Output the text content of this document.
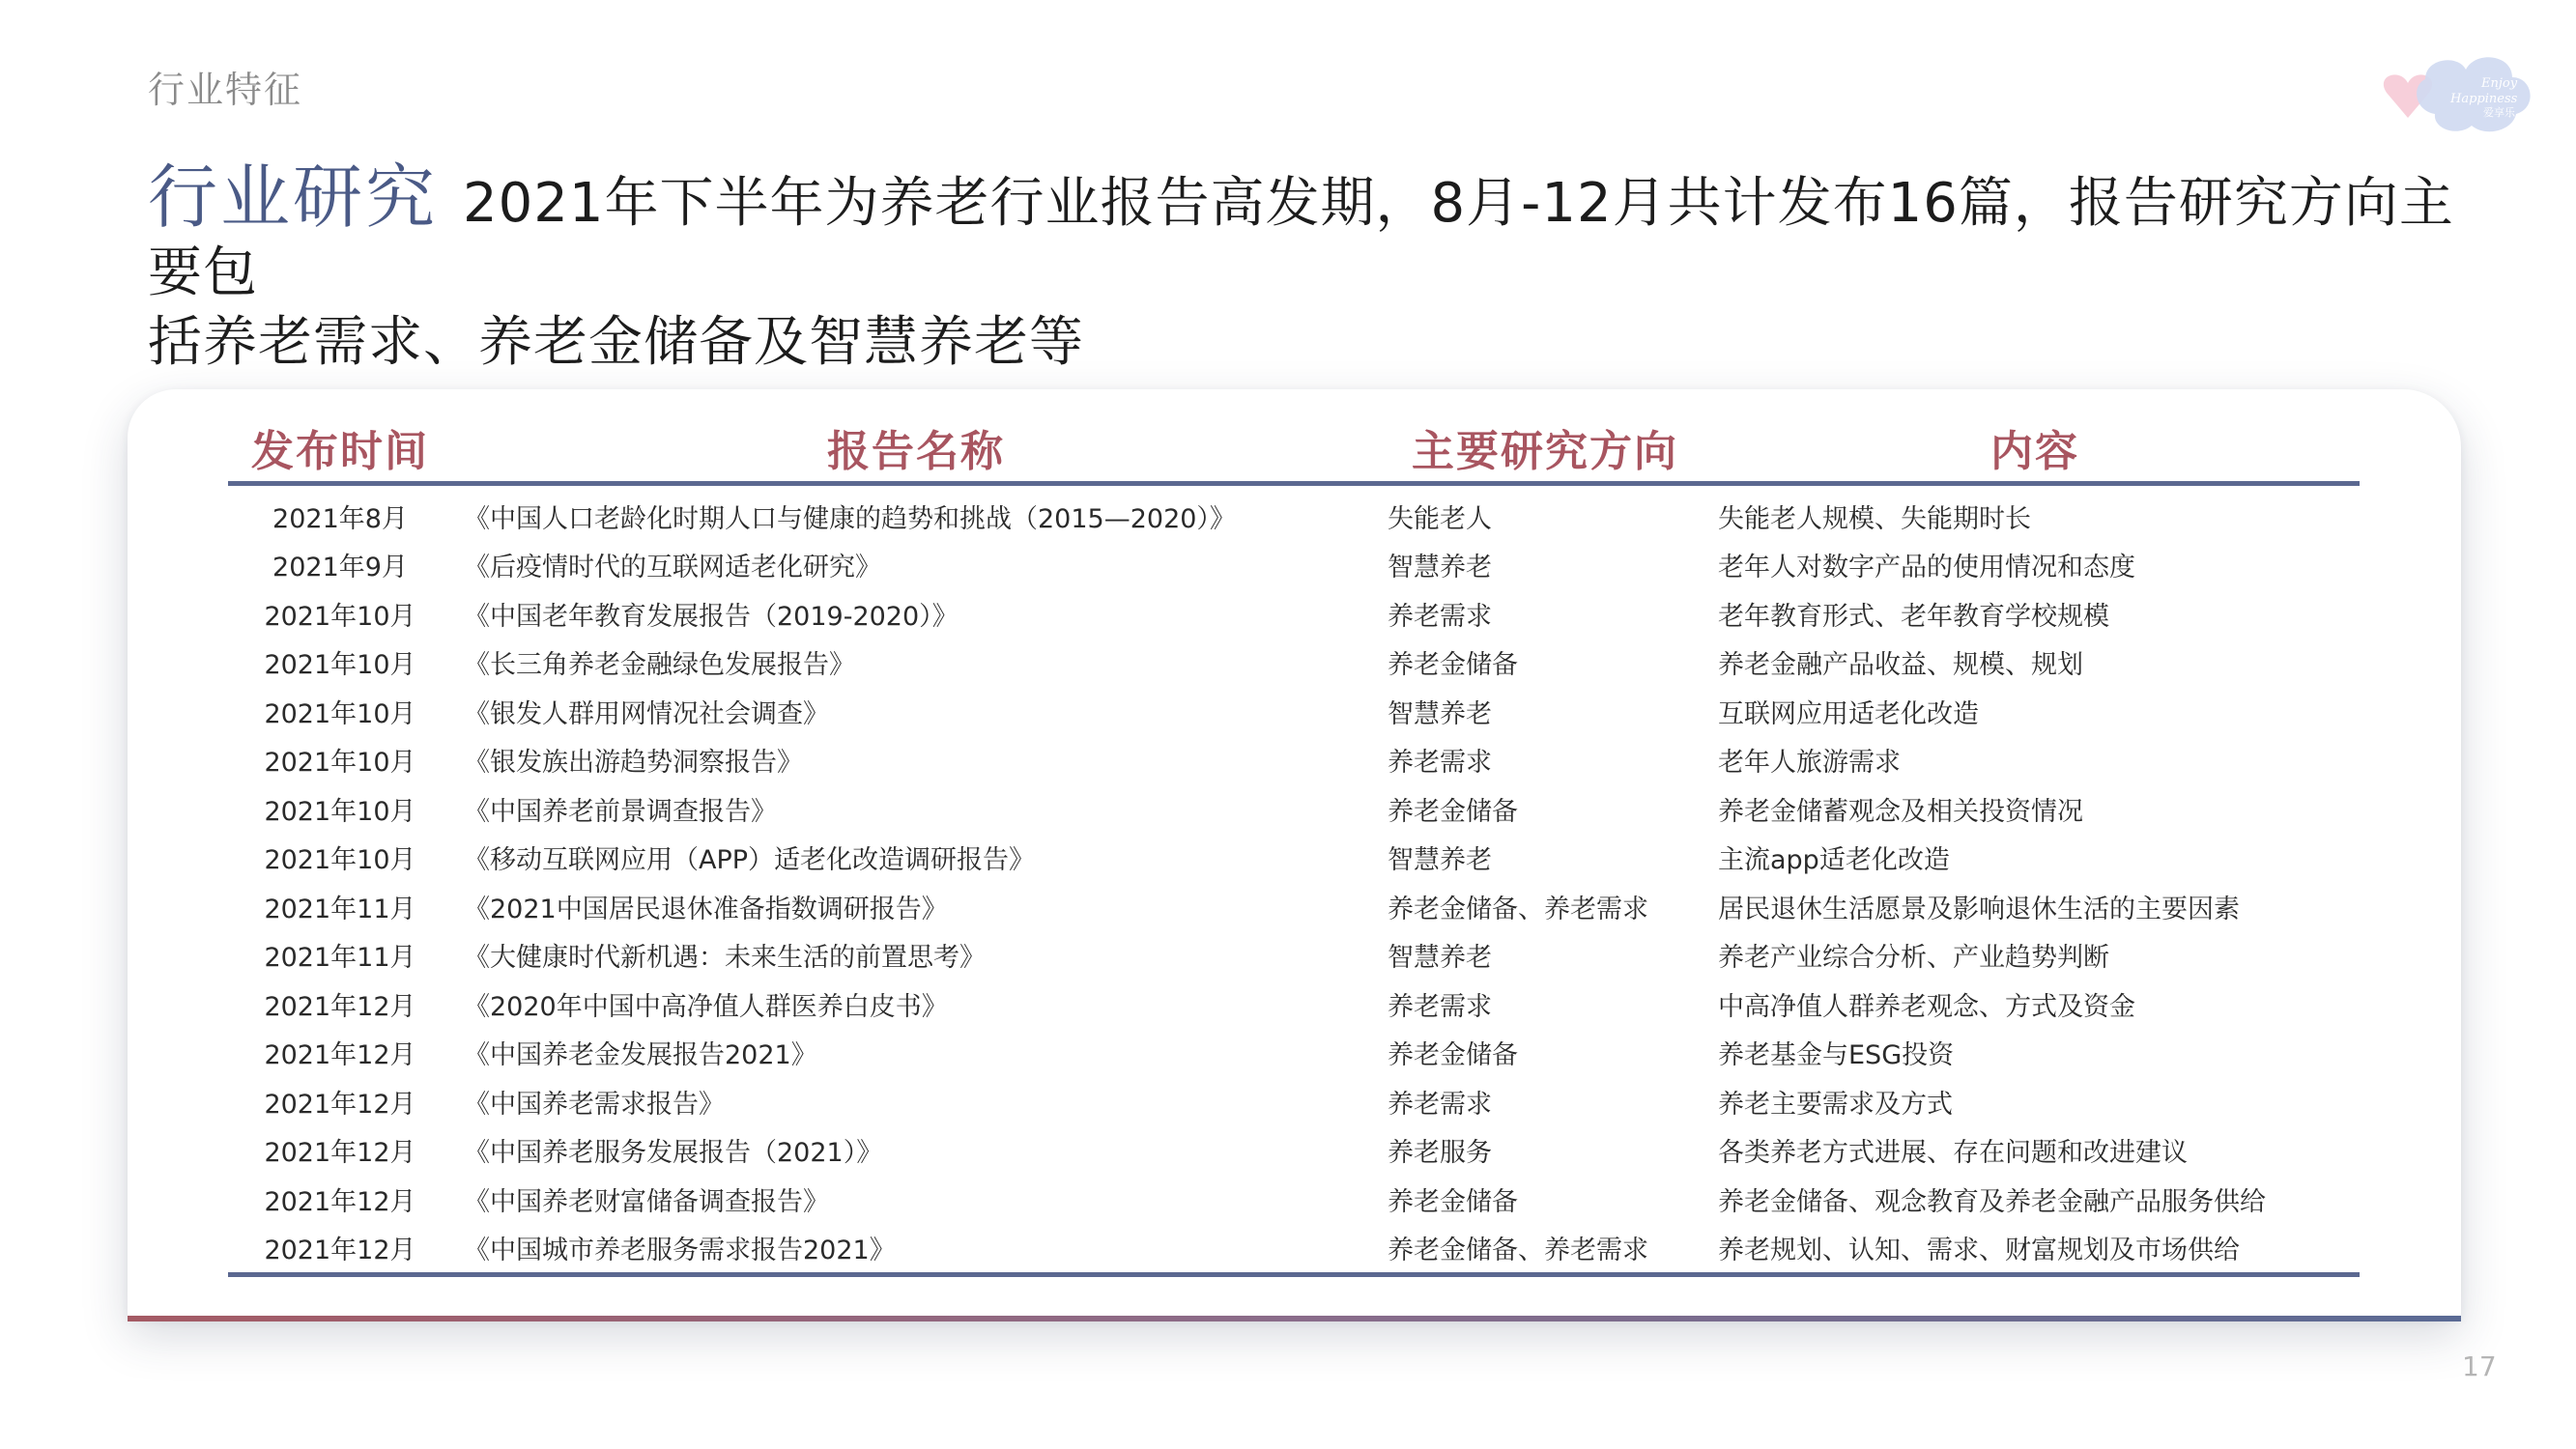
行业特征	Enjoy
Happiness
爱享乐
行业研究 2021年下半年为养老行业报告高发期，8月-12月共计发布16篇，报告研究方向主要包
括养老需求、养老金储备及智慧养老等
发布时间	报告名称	主要研究方向	内容
2021年8月	《中国人口老龄化时期人口与健康的趋势和挑战（2015—2020）》	失能老人	失能老人规模、失能期时长
2021年9月	《后疫情时代的互联网适老化研究》	智慧养老	老年人对数字产品的使用情况和态度
2021年10月	《中国老年教育发展报告（2019-2020）》	养老需求	老年教育形式、老年教育学校规模
2021年10月	《长三角养老金融绿色发展报告》	养老金储备	养老金融产品收益、规模、规划
2021年10月	《银发人群用网情况社会调查》	智慧养老	互联网应用适老化改造
2021年10月	《银发族出游趋势洞察报告》	养老需求	老年人旅游需求
2021年10月	《中国养老前景调查报告》	养老金储备	养老金储蓄观念及相关投资情况
2021年10月	《移动互联网应用（APP）适老化改造调研报告》	智慧养老	主流app适老化改造
2021年11月	《2021中国居民退休准备指数调研报告》	养老金储备、养老需求	居民退休生活愿景及影响退休生活的主要因素
2021年11月	《大健康时代新机遇：未来生活的前置思考》	智慧养老	养老产业综合分析、产业趋势判断
2021年12月	《2020年中国中高净值人群医养白皮书》	养老需求	中高净值人群养老观念、方式及资金
2021年12月	《中国养老金发展报告2021》	养老金储备	养老基金与ESG投资
2021年12月	《中国养老需求报告》	养老需求	养老主要需求及方式
2021年12月	《中国养老服务发展报告（2021）》	养老服务	各类养老方式进展、存在问题和改进建议
2021年12月	《中国养老财富储备调查报告》	养老金储备	养老金储备、观念教育及养老金融产品服务供给
2021年12月	《中国城市养老服务需求报告2021》	养老金储备、养老需求	养老规划、认知、需求、财富规划及市场供给
17
